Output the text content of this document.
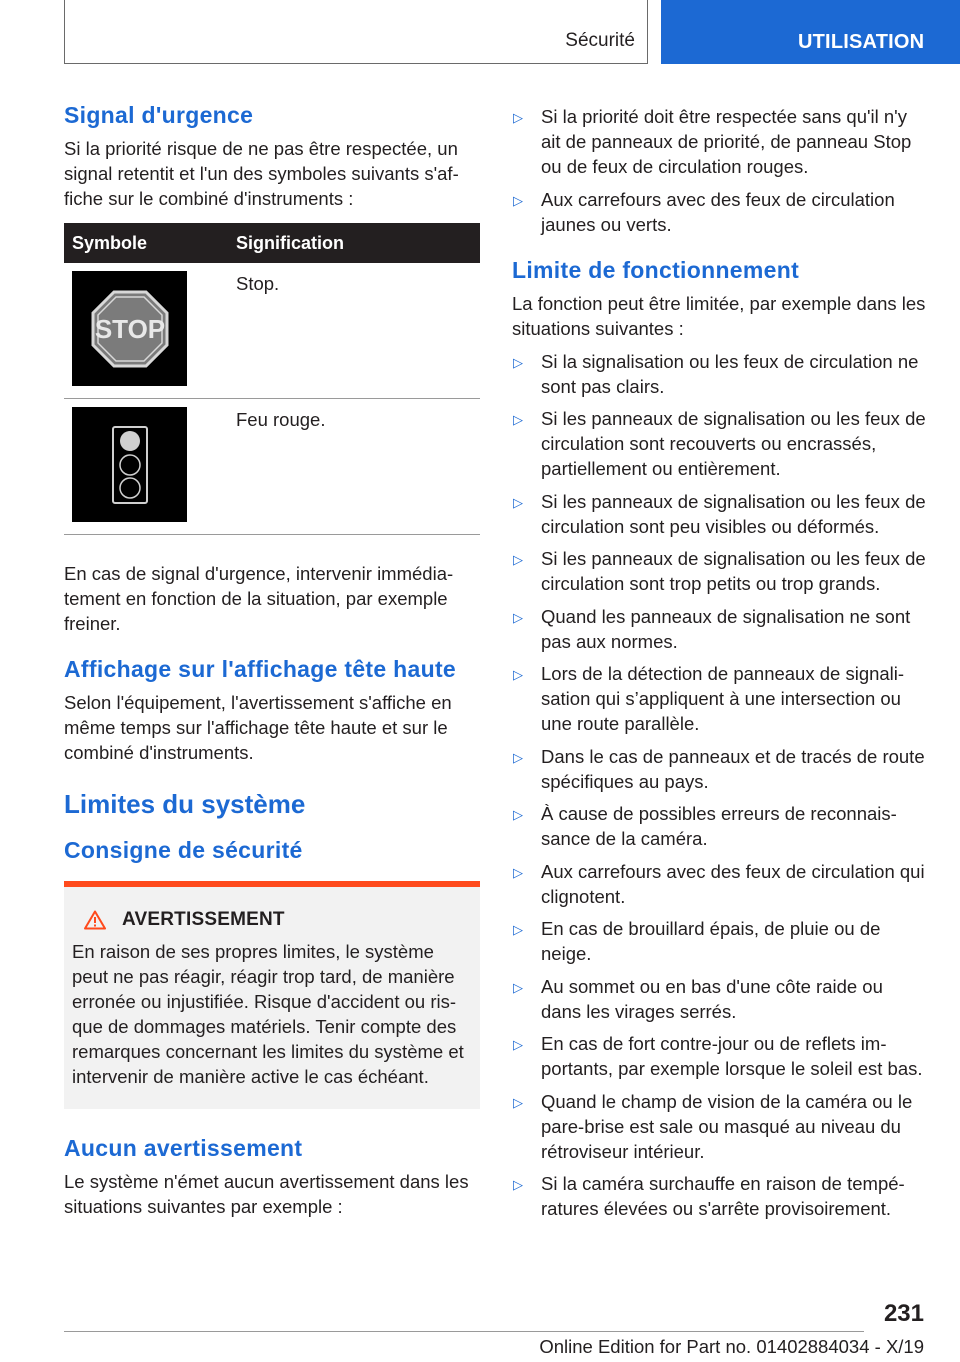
Sécurité	UTILISATION
Signal d'urgence

Si la priorité risque de ne pas être respectée, un signal retentit et l'un des symboles suivants s'affiche sur le combiné d'instruments :

Symbole	Signification

STOP	Stop.

	Feu rouge.

En cas de signal d'urgence, intervenir immédiatement en fonction de la situation, par exemple freiner.

Affichage sur l'affichage tête haute

Selon l'équipement, l'avertissement s'affiche en même temps sur l'affichage tête haute et sur le combiné d'instruments.

Limites du système
Consigne de sécurité
AVERTISSEMENT
En raison de ses propres limites, le système peut ne pas réagir, réagir trop tard, de manière erronée ou injustifiée. Risque d'accident ou risque de dommages matériels. Tenir compte des remarques concernant les limites du système et intervenir de manière active le cas échéant.
Aucun avertissement

Le système n'émet aucun avertissement dans les situations suivantes par exemple :

▷ Si la priorité doit être respectée sans qu'il n'y ait de panneaux de priorité, de panneau Stop ou de feux de circulation rouges.
▷ Aux carrefours avec des feux de circulation jaunes ou verts.
Limite de fonctionnement

La fonction peut être limitée, par exemple dans les situations suivantes :

▷ Si la signalisation ou les feux de circulation ne sont pas clairs.
▷ Si les panneaux de signalisation ou les feux de circulation sont recouverts ou encrassés, partiellement ou entièrement.
▷ Si les panneaux de signalisation ou les feux de circulation sont peu visibles ou déformés.
▷ Si les panneaux de signalisation ou les feux de circulation sont trop petits ou trop grands.
▷ Quand les panneaux de signalisation ne sont pas aux normes.
▷ Lors de la détection de panneaux de signalisation qui s’appliquent à une intersection ou une route parallèle.
▷ Dans le cas de panneaux et de tracés de route spécifiques au pays.
▷ À cause de possibles erreurs de reconnaissance de la caméra.
▷ Aux carrefours avec des feux de circulation qui clignotent.
▷ En cas de brouillard épais, de pluie ou de neige.
▷ Au sommet ou en bas d'une côte raide ou dans les virages serrés.
▷ En cas de fort contre-jour ou de reflets importants, par exemple lorsque le soleil est bas.
▷ Quand le champ de vision de la caméra ou le pare-brise est sale ou masqué au niveau du rétroviseur intérieur.
▷ Si la caméra surchauffe en raison de températures élevées ou s'arrête provisoirement.
231
Online Edition for Part no. 01402884034 - X/19
